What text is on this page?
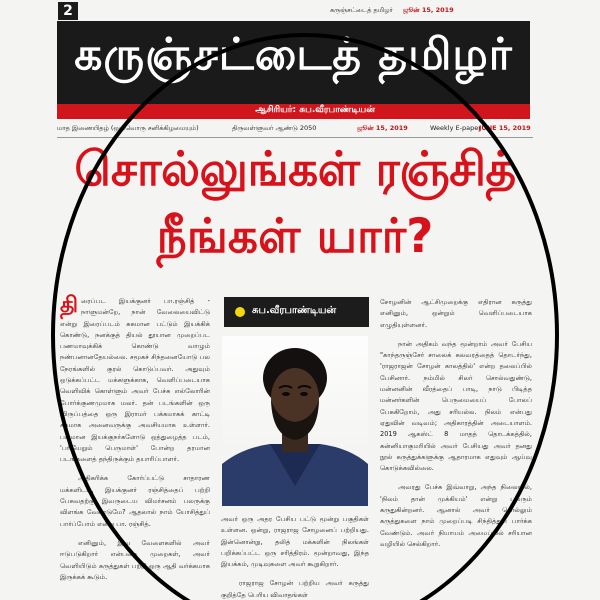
2	கருஞ்சட்டைத் தமிழர் ஜூன் 15, 2019
கருஞ்சட்டைத் தமிழர்
ஆசிரியர்: சுப.வீரபாண்டியன்
மாத இணையிதழ் (ஒவ்வொரு சனிக்கிழமையும்)	திருவள்ளுவர் ஆண்டு 2050	ஜூன் 15, 2019	Weekly E-paper
JUNE 15, 2019
சொல்லுங்கள் ரஞ்சித்
நீங்கள் யார்?

திரைப்பட இயக்குனர் பா.ரஞ்சித் - நாளுமன்றே, நான் வேலையைவிட்டு என்று இரைப்படம் சுகமான பட்டும் இயக்கிக் கொண்டு, நனக்குத் தியல் தூயான முறைப்பட பணமாவுக்கிக் கொண்டு வாழும் நண்பனானதேயல்லை. சமூகச் சிந்தனையோடு பல நேரங்களில் குரல் கொடுப்பவர். அதுவும் ஒடுக்கப்பட்ட மக்களுக்காக, வெளிப்படையாக வெளிவிக் கொள்ளும் அவர் பேச்சு எல்லோரின் போர்க்குணமுமாக மலர். தன் படங்களின் ஒரு விருப்பத்தை ஒரு இராமர் பக்கமாகக் காட்டி சுகமாக அனைவருக்கு அவசியமாக உள்ளார். பலமான இயக்குநர்களோடு ஒத்துழைத்த படம், 'பரியேறும் பெருமாள்' போன்ற தரமான படங்களைத் தந்திருக்கும் தயாரிப்பாளர்.

அதிகரிக்க கோர்ப்பட்டு சாதாரண மக்களிடம், இயக்குனர் ரஞ்சித்தைப் பற்றி பேசுவதற்கு இவருடைய விமர்சனம் பலருக்கு விளங்க வேண்டுமே? ஆதலால் நாம் யோசித்துப் பார்ப்போம் என்று பா. ரஞ்சித்.

எனினும், இவ வேளைகளில் அவர் ஈடுபடுகிறார் என்பதை முறைகள், அவர் வெளியிடும் கருத்துகள் பற்றி ஒரு ஆதி வர்க்கமாக இருக்கக் கூடும்.

சுப.வீரபாண்டியன்

அவர் ஒரு அதர பேசிய பட்டு மூன்று பகுதிகள் உள்ளன. ஒன்று, ராஜராஜ சோழனைப் பற்றியது. இன்னொன்று, தலித் மக்களின் நிலங்கள் பறிக்கப்பட்ட ஒரு சரித்திரம். மூன்றாவது, இந்த இயக்கம், முடிவுகளை அவர் கூறுகிறார்.

ராஜராஜ சோழன் பற்றிய அவர் கருத்து குறித்தே பெரிய விவாதங்கள்

சோழனின் ஆட்சிமுறைக்கு எதிரான கருத்து எனினும், ஒன்றும் வெளிப்படையாக எழுதியுள்ளனர்.

நான் அதிகம் வந்த மூன்றாம் அவர் பேசிய "காந்தருஞ்சேர் சாலைக் கலவரத்தைத் தொடர்ந்து, 'ராஜராஜன் சோழன் காலத்தில்' என்ற தலைப்பில் பேசினார். நம்மில் சிலர் சொல்வதுண்டு, மன்னனின் வீரத்தைப் பாடி, நாடு பிடித்த மன்னர்களின் பெருமையைப் போலப் பேசுகிறோம், அது சரியல்ல. நிலம் என்பது ஏதுவின் வடிவம்; அதிகாரத்தின் அடையாளம். 2019 ஆகஸ்ட் 8 மாதத் தொடக்கத்தில், கன்னியாகுமரியில் அவர் பேசியது அவர் தனது நூல் கருத்துக்களுக்கு ஆதாரமாக எதுவும் ஆய்வு கொடுக்கவில்லை.

அவரது பேச்சு இவ்வாறு, அந்த நிலையில், 'நிலம் தான் முக்கியம்' என்று பலரும் கருதுகின்றனர். ஆனால் அவர் சொல்லும் கருத்துகளை நாம் முறைப்படி சிந்தித்துப் பார்க்க வேண்டும். அவர் நியாயம் அமைப்பில் சரியான வழியில் செல்கிறார்.
